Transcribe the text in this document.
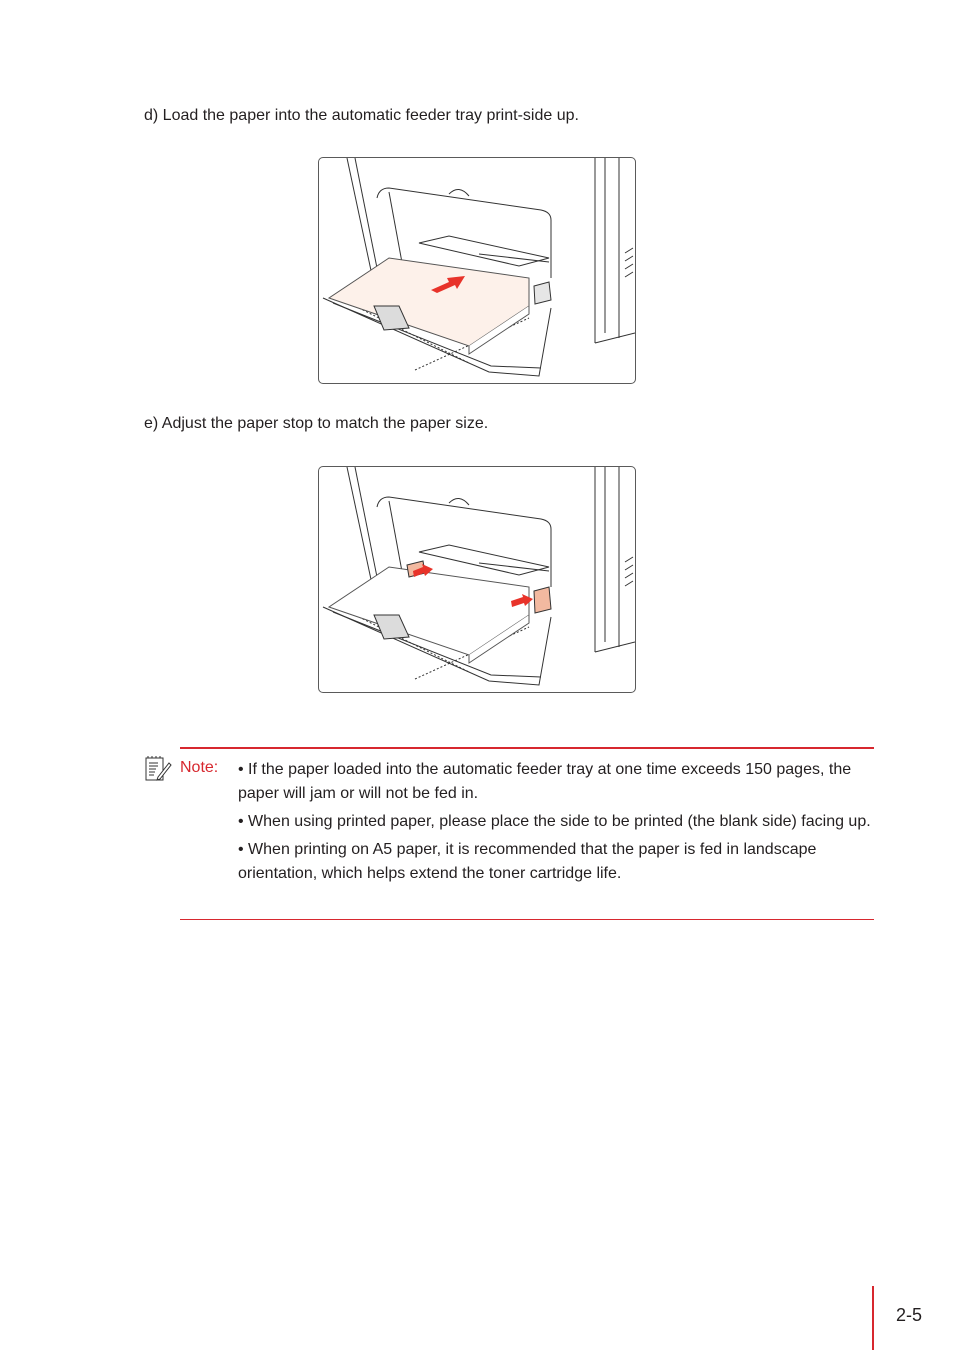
d) Load the paper into the automatic feeder tray print-side up.
e) Adjust the paper stop to match the paper size.
Note: • If the paper loaded into the automatic feeder tray at one time exceeds 150 pages, the paper will jam or will not be fed in.

• When using printed paper, please place the side to be printed (the blank side) facing up.

• When printing on A5 paper, it is recommended that the paper is fed in landscape orientation, which helps extend the toner cartridge life.

2-5
